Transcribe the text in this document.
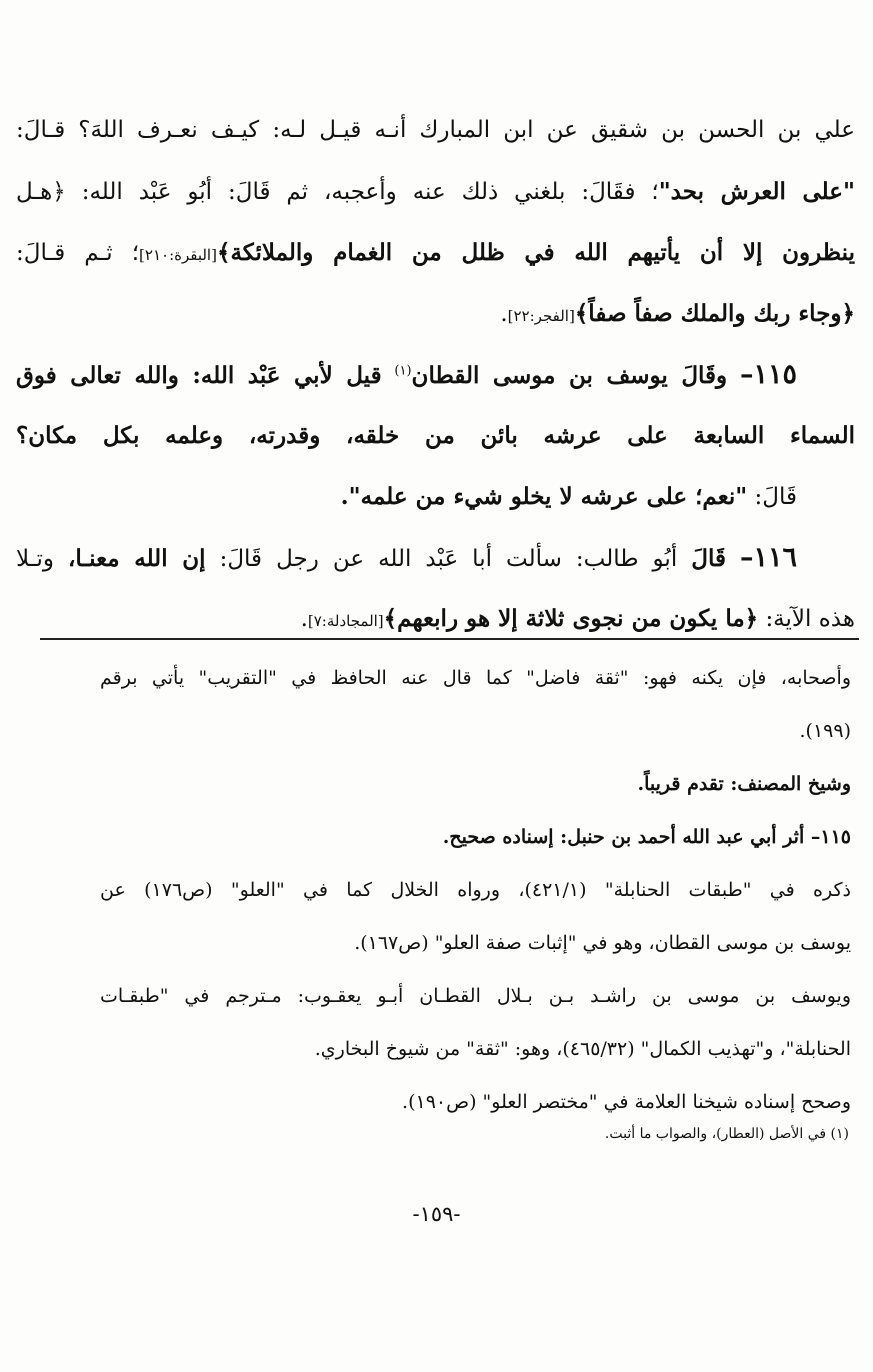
علي بن الحسن بن شقيق عن ابن المبارك أنـه قيـل لـه: كيـف نعـرف اللهَ؟ قـالَ:
"على العرش بحد"؛ فقَالَ: بلغني ذلك عنه وأعجبه، ثم قَالَ: أبُو عَبْد الله: ﴿هـل
ينظرون إلا أن يأتيهم الله في ظلل من الغمام والملائكة﴾[البقرة:٢١٠]؛ ثـم قـالَ:
﴿وجاء ربك والملك صفاً صفاً﴾[الفجر:٢٢].
١١٥– وقَالَ يوسف بن موسى القطان$^{(١)}$ قيل لأبي عَبْد الله: والله تعالى فوق
السماء السابعة على عرشه بائن من خلقه، وقدرته، وعلمه بكل مكان؟
قَالَ: "نعم؛ على عرشه لا يخلو شيء من علمه".
١١٦– قَالَ أبُو طالب: سألت أبا عَبْد الله عن رجل قَالَ: إن الله معنـا، وتـلا
هذه الآية: ﴿ما يكون من نجوى ثلاثة إلا هو رابعهم﴾[المجادلة:٧].
وأصحابه، فإن يكنه فهو: "ثقة فاضل" كما قال عنه الحافظ في "التقريب" يأتي برقم
(١٩٩).
وشيخ المصنف: تقدم قريباً.
١١٥– أثر أبي عبد الله أحمد بن حنبل: إسناده صحيح.
ذكره في "طبقات الحنابلة" (٤٢١/١)، ورواه الخلال كما في "العلو" (ص١٧٦) عن
يوسف بن موسى القطان، وهو في "إثبات صفة العلو" (ص١٦٧).
ويوسف بن موسى بن راشـد بـن بـلال القطـان أبـو يعقـوب: مـترجم في "طبقـات
الحنابلة"، و"تهذيب الكمال" (٤٦٥/٣٢)، وهو: "ثقة" من شيوخ البخاري.
وصحح إسناده شيخنا العلامة في "مختصر العلو" (ص١٩٠).
(١) في الأصل (العطار)، والصواب ما أثبت.
-١٥٩-
